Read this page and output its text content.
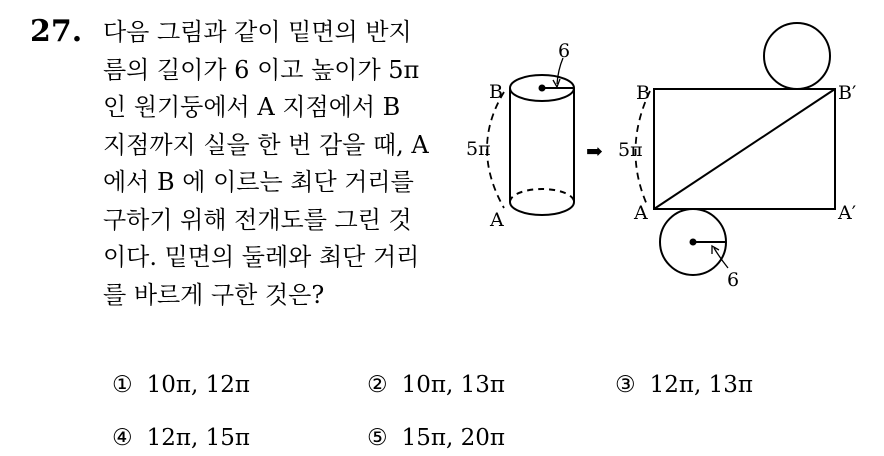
27. 다음 그림과 같이 밑면의 반지
름의 길이가 6 이고 높이가 5π
인 원기둥에서 A 지점에서 B
지점까지 실을 한 번 감을 때, A
에서 B 에 이르는 최단 거리를
구하기 위해 전개도를 그린 것
이다. 밑면의 둘레와 최단 거리
를 바르게 구한 것은?
6
B
5π
A
➡
B	B′
5π
A	A′
6
① 10π, 12π	② 10π, 13π	③ 12π, 13π
④ 12π, 15π	⑤ 15π, 20π
